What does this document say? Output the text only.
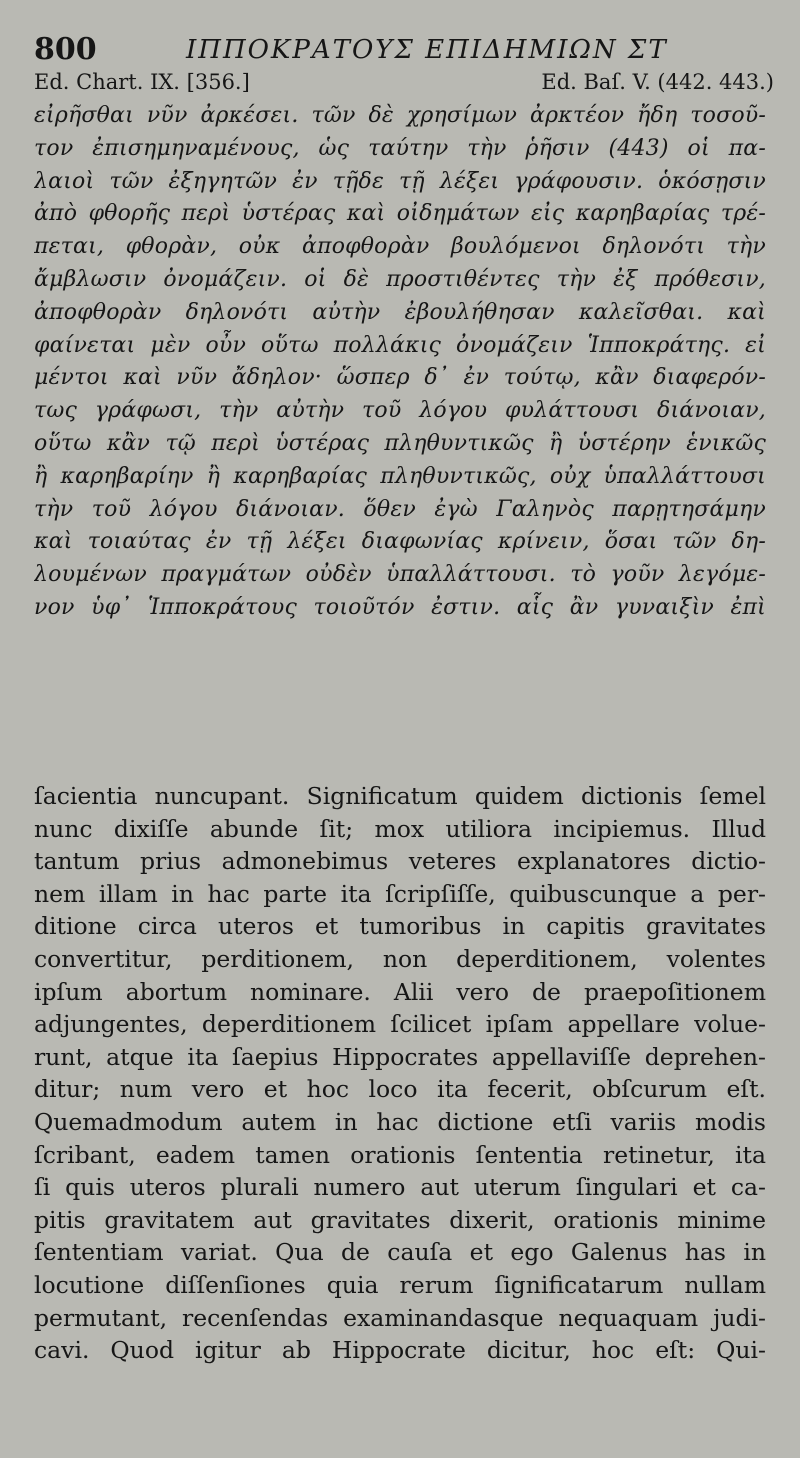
800	ΙΠΠΟΚΡΑΤΟΥΣ ΕΠΙΔΗΜΙΩΝ ΣΤ
Ed. Chart. IX. [356.]	Ed. Baſ. V. (442. 443.)
εἰρῆσθαι νῦν ἀρκέσει. τῶν δὲ χρησίμων ἀρκτέον ἤδη τοσοῦ-
τον ἐπισημηναμένους, ὡς ταύτην τὴν ῥῆσιν (443) οἱ πα-
λαιοὶ τῶν ἐξηγητῶν ἐν τῇδε τῇ λέξει γράφουσιν. ὁκόσῃσιν
ἀπὸ φθορῆς περὶ ὑστέρας καὶ οἰδημάτων εἰς καρηβαρίας τρέ-
πεται, φθορὰν, οὐκ ἀποφθορὰν βουλόμενοι δηλονότι τὴν
ἄμβλωσιν ὀνομάζειν. οἱ δὲ προστιθέντες τὴν ἐξ πρόθεσιν,
ἀποφθορὰν δηλονότι αὐτὴν ἐβουλήθησαν καλεῖσθαι. καὶ
φαίνεται μὲν οὖν οὕτω πολλάκις ὀνομάζειν Ἱπποκράτης. εἰ
μέντοι καὶ νῦν ἄδηλον· ὥσπερ δ᾽ ἐν τούτῳ, κἂν διαφερόν-
τως γράφωσι, τὴν αὐτὴν τοῦ λόγου φυλάττουσι διάνοιαν,
οὕτω κἂν τῷ περὶ ὑστέρας πληθυντικῶς ἢ ὑστέρην ἑνικῶς
ἢ καρηβαρίην ἢ καρηβαρίας πληθυντικῶς, οὐχ ὑπαλλάττουσι
τὴν τοῦ λόγου διάνοιαν. ὅθεν ἐγὼ Γαληνὸς παρῃτησάμην
καὶ τοιαύτας ἐν τῇ λέξει διαφωνίας κρίνειν, ὅσαι τῶν δη-
λουμένων πραγμάτων οὐδὲν ὑπαλλάττουσι. τὸ γοῦν λεγόμε-
νον ὑφ᾽ Ἱπποκράτους τοιοῦτόν ἐστιν. αἷς ἂν γυναιξὶν ἐπὶ
ſacientia nuncupant. Significatum quidem dictionis ſemel
nunc dixiſſe abunde ſit; mox utiliora incipiemus. Illud
tantum prius admonebimus veteres explanatores dictio-
nem illam in hac parte ita ſcripſiſſe, quibuscunque a per-
ditione circa uteros et tumoribus in capitis gravitates
convertitur, perditionem, non deperditionem, volentes
ipſum abortum nominare. Alii vero de praepoſitionem
adjungentes, deperditionem ſcilicet ipſam appellare volue-
runt, atque ita ſaepius Hippocrates appellaviſſe deprehen-
ditur; num vero et hoc loco ita fecerit, obſcurum eſt.
Quemadmodum autem in hac dictione etſi variis modis
ſcribant, eadem tamen orationis ſententia retinetur, ita
ſi quis uteros plurali numero aut uterum ſingulari et ca-
pitis gravitatem aut gravitates dixerit, orationis minime
ſententiam variat. Qua de cauſa et ego Galenus has in
locutione diſſenſiones quia rerum ſignificatarum nullam
permutant, recenſendas examinandasque nequaquam judi-
cavi. Quod igitur ab Hippocrate dicitur, hoc eſt: Qui-
